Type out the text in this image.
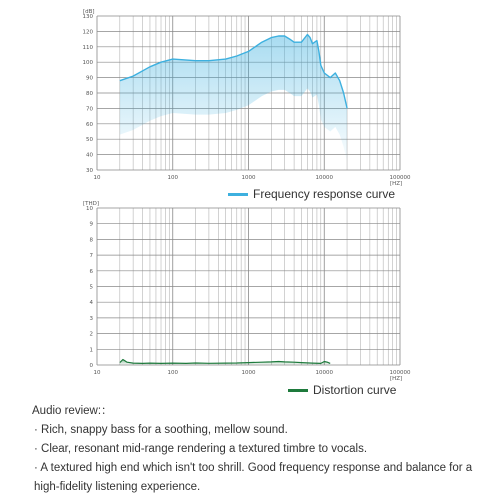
30
40
50
60
70
80
90
100
110
120
130
10	100	1000	10000	100000
[dB]
[HZ]
Frequency response curve
0
1
2
3
4
5
6
7
8
9
10
10	100	1000	10000	100000
[THD]
[HZ]
Distortion curve
Audio review:：
· Rich, snappy bass for a soothing, mellow sound.
· Clear, resonant mid-range rendering a textured timbre to vocals.
· A textured high end which isn't too shrill. Good frequency response and balance for a high-fidelity listening experience.
